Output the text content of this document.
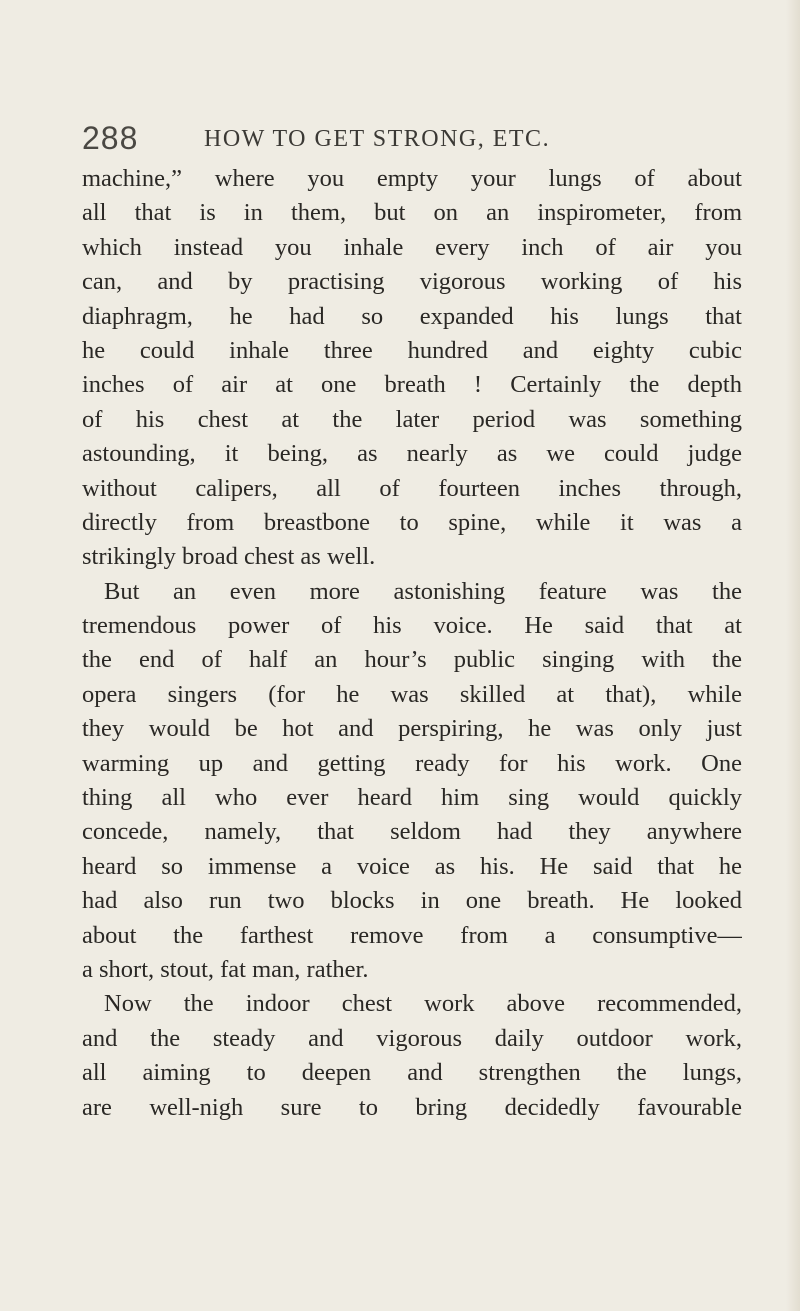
288	HOW TO GET STRONG, ETC.
machine,” where you empty your lungs of about
all that is in them, but on an inspirometer, from
which instead you inhale every inch of air you
can, and by practising vigorous working of his
diaphragm, he had so expanded his lungs that
he could inhale three hundred and eighty cubic
inches of air at one breath ! Certainly the depth
of his chest at the later period was something
astounding, it being, as nearly as we could judge
without calipers, all of fourteen inches through,
directly from breastbone to spine, while it was a
strikingly broad chest as well.
But an even more astonishing feature was the
tremendous power of his voice. He said that at
the end of half an hour’s public singing with the
opera singers (for he was skilled at that), while
they would be hot and perspiring, he was only just
warming up and getting ready for his work. One
thing all who ever heard him sing would quickly
concede, namely, that seldom had they anywhere
heard so immense a voice as his. He said that he
had also run two blocks in one breath. He looked
about the farthest remove from a consumptive—
a short, stout, fat man, rather.
Now the indoor chest work above recommended,
and the steady and vigorous daily outdoor work,
all aiming to deepen and strengthen the lungs,
are well-nigh sure to bring decidedly favourable
